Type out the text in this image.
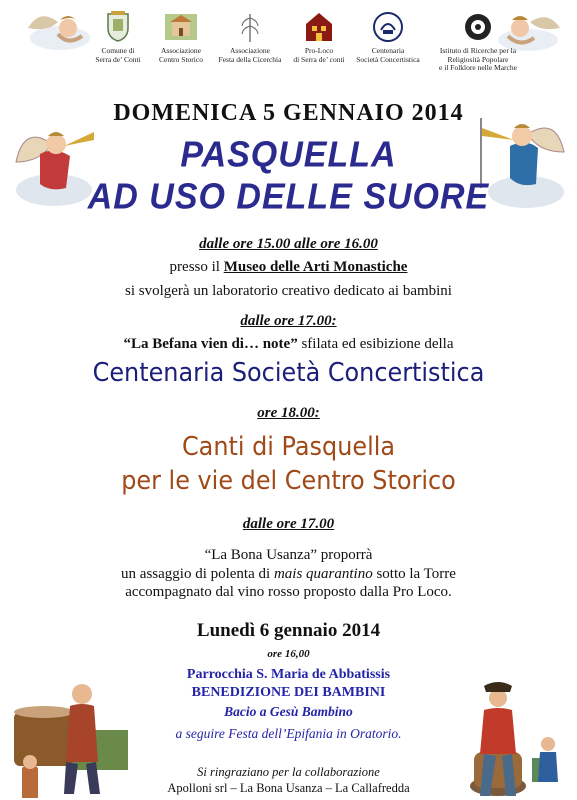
Comune di
Serra de’ Conti
Associazione
Centro Storico
Associazione
Festa della Cicerchia
Pro-Loco
di Serra de’ conti
Centenaria
Società Concertistica
Istituto di Ricerche per la
Religiosità Popolare
e il Folklore nelle Marche
DOMENICA 5 GENNAIO 2014
PASQUELLA
AD USO DELLE SUORE
dalle ore 15.00 alle ore 16.00
presso il Museo delle Arti Monastiche
si svolgerà un laboratorio creativo dedicato ai bambini
dalle ore 17.00:
“La Befana vien di… note” sfilata ed esibizione della
Centenaria Società Concertistica
ore 18.00:
Canti di Pasquella
per le vie del Centro Storico
dalle ore 17.00
“La Bona Usanza” proporrà
un assaggio di polenta di mais quarantino sotto la Torre
accompagnato dal vino rosso proposto dalla Pro Loco.
Lunedì 6 gennaio 2014
ore 16,00
Parrocchia S. Maria de Abbatissis
BENEDIZIONE DEI BAMBINI
Bacio a Gesù Bambino
a seguire Festa dell’Epifania in Oratorio.
Si ringraziano per la collaborazione
Apolloni srl – La Bona Usanza – La Callafredda
